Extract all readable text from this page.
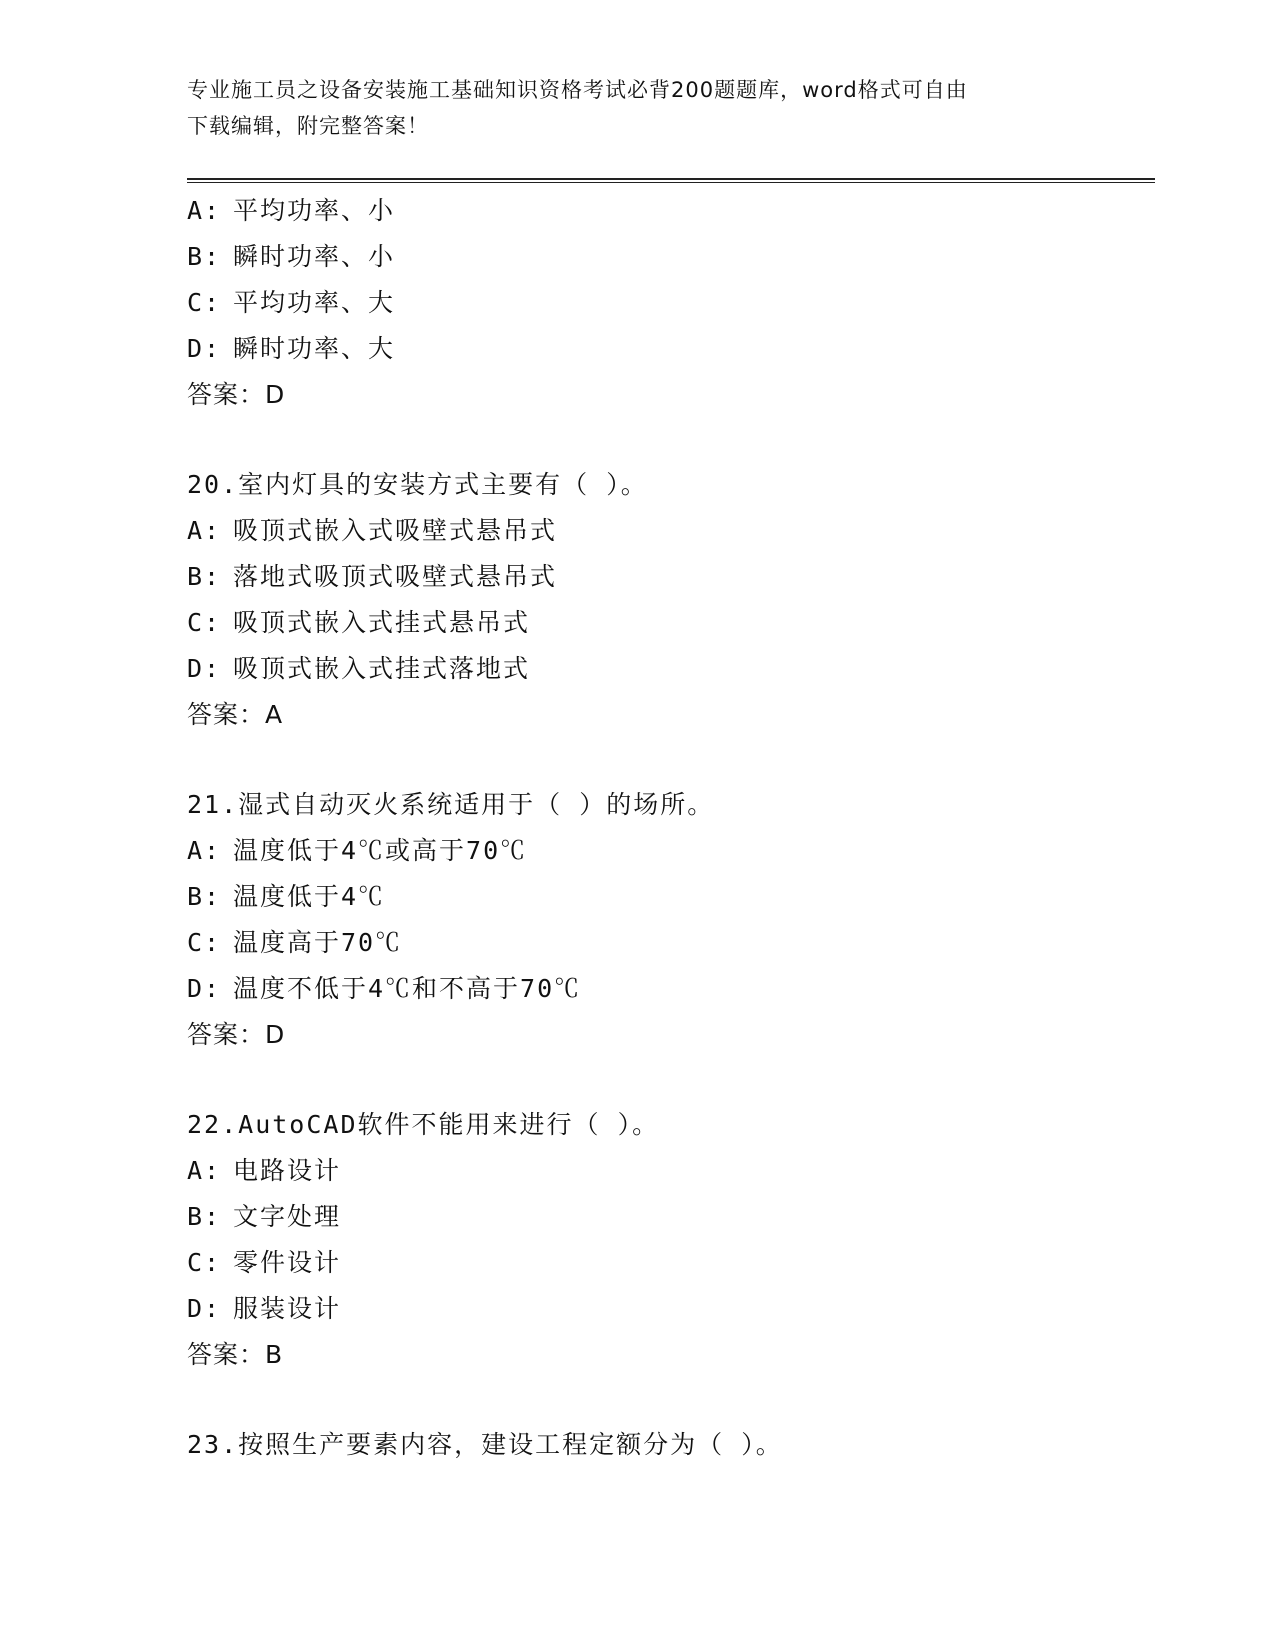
专业施工员之设备安装施工基础知识资格考试必背200题题库，word格式可自由
下载编辑，附完整答案！
A: 平均功率、小
B: 瞬时功率、小
C: 平均功率、大
D: 瞬时功率、大
答案：D
20.室内灯具的安装方式主要有（ ）。
A: 吸顶式嵌入式吸壁式悬吊式
B: 落地式吸顶式吸壁式悬吊式
C: 吸顶式嵌入式挂式悬吊式
D: 吸顶式嵌入式挂式落地式
答案：A
21.湿式自动灭火系统适用于（ ）的场所。
A: 温度低于4℃或高于70℃
B: 温度低于4℃
C: 温度高于70℃
D: 温度不低于4℃和不高于70℃
答案：D
22.AutoCAD软件不能用来进行（ ）。
A: 电路设计
B: 文字处理
C: 零件设计
D: 服装设计
答案：B
23.按照生产要素内容，建设工程定额分为（ ）。
